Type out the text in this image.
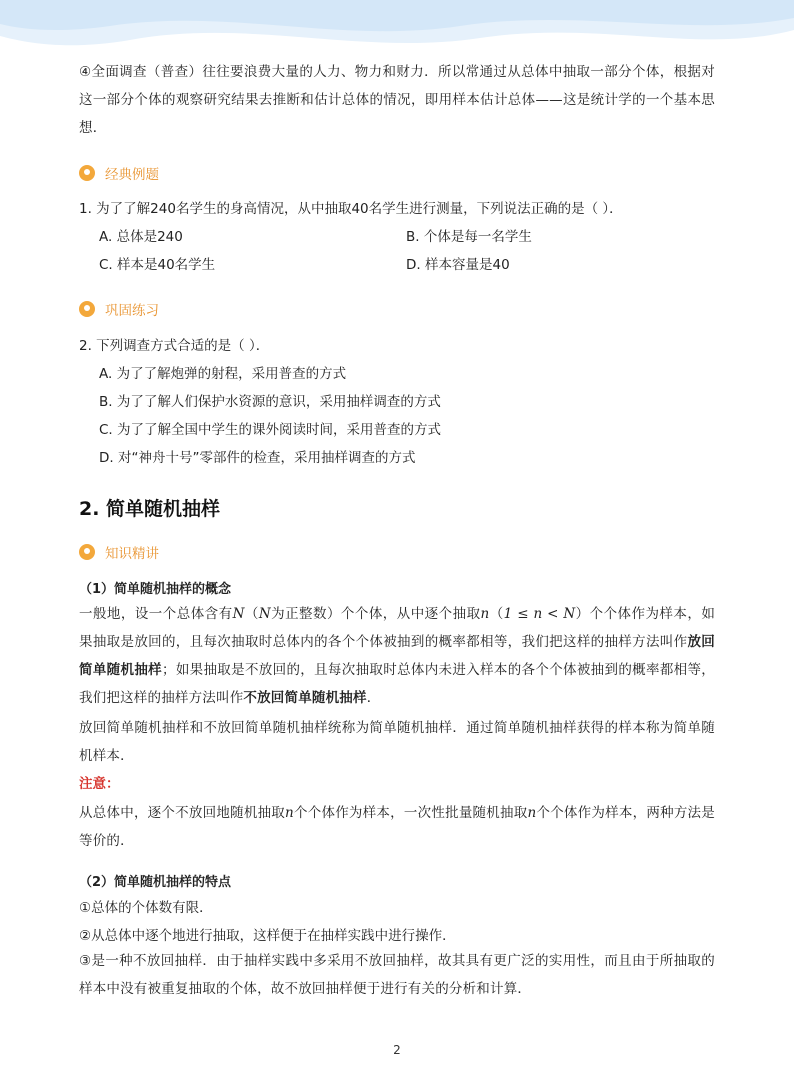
④全面调查（普查）往往要浪费大量的人力、物力和财力．所以常通过从总体中抽取一部分个体，根据对这一部分个体的观察研究结果去推断和估计总体的情况，即用样本估计总体——这是统计学的一个基本思想．
经典例题
1. 为了了解240名学生的身高情况，从中抽取40名学生进行测量，下列说法正确的是（ ）．
A. 总体是240	B. 个体是每一名学生
C. 样本是40名学生	D. 样本容量是40
巩固练习
2. 下列调查方式合适的是（ ）．
A. 为了了解炮弹的射程，采用普查的方式
B. 为了了解人们保护水资源的意识，采用抽样调查的方式
C. 为了了解全国中学生的课外阅读时间，采用普查的方式
D. 对“神舟十号”零部件的检查，采用抽样调查的方式
2. 简单随机抽样
知识精讲
（1）简单随机抽样的概念
一般地，设一个总体含有N（N为正整数）个个体，从中逐个抽取n（1 ≤ n < N）个个体作为样本，如果抽取是放回的，且每次抽取时总体内的各个个体被抽到的概率都相等，我们把这样的抽样方法叫作放回简单随机抽样；如果抽取是不放回的，且每次抽取时总体内未进入样本的各个个体被抽到的概率都相等，我们把这样的抽样方法叫作不放回简单随机抽样．
放回简单随机抽样和不放回简单随机抽样统称为简单随机抽样．通过简单随机抽样获得的样本称为简单随机样本．
注意：
从总体中，逐个不放回地随机抽取n个个体作为样本，一次性批量随机抽取n个个体作为样本，两种方法是等价的．
（2）简单随机抽样的特点
①总体的个体数有限．
②从总体中逐个地进行抽取，这样便于在抽样实践中进行操作．
③是一种不放回抽样．由于抽样实践中多采用不放回抽样，故其具有更广泛的实用性，而且由于所抽取的样本中没有被重复抽取的个体，故不放回抽样便于进行有关的分析和计算．
2
